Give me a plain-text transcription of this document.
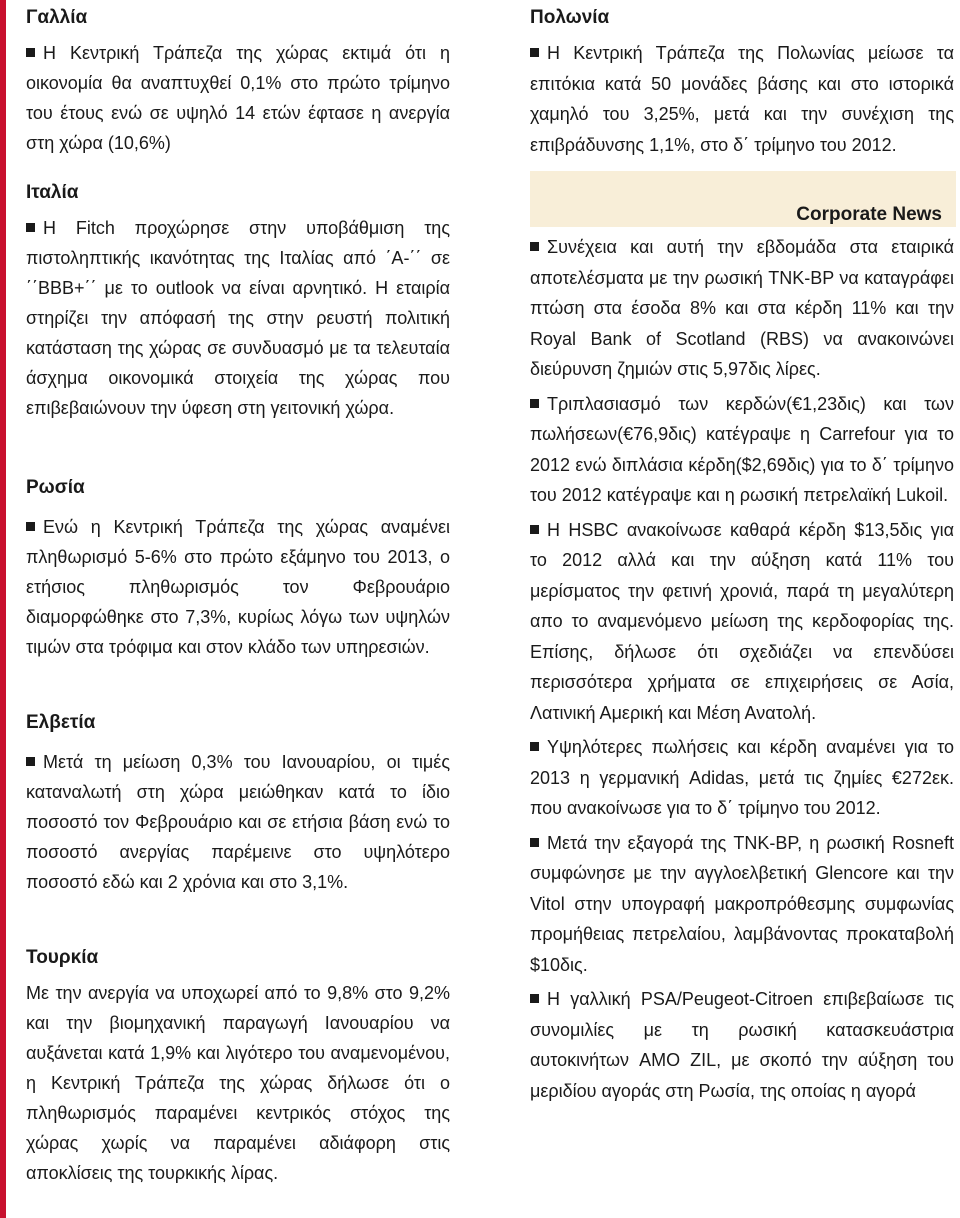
Γαλλία

Η Κεντρική Τράπεζα της χώρας εκτιμά ότι η οικονομία θα αναπτυχθεί 0,1% στο πρώτο τρίμηνο του έτους ενώ σε υψηλό 14 ετών έφτασε η ανεργία στη χώρα (10,6%)

Ιταλία

Η Fitch προχώρησε στην υποβάθμιση της πιστοληπτικής ικανότητας της Ιταλίας από ΄Α-΄΄ σε ΄΄ΒΒΒ+΄΄ με το outlook να είναι αρνητικό. Η εταιρία στηρίζει την απόφασή της στην ρευστή πολιτική κατάσταση της χώρας σε συνδυασμό με τα τελευταία άσχημα οικονομικά στοιχεία της χώρας που επιβεβαιώνουν την ύφεση στη γειτονική χώρα.

Ρωσία

Ενώ η Κεντρική Τράπεζα της χώρας αναμένει πληθωρισμό 5-6% στο πρώτο εξάμηνο του 2013, ο ετήσιος πληθωρισμός τον Φεβρουάριο διαμορφώθηκε στο 7,3%, κυρίως λόγω των υψηλών τιμών στα τρόφιμα και στον κλάδο των υπηρεσιών.

Ελβετία

Μετά τη μείωση 0,3% του Ιανουαρίου, οι τιμές καταναλωτή στη χώρα μειώθηκαν κατά το ίδιο ποσοστό τον Φεβρουάριο και σε ετήσια βάση ενώ το ποσοστό ανεργίας παρέμεινε στο υψηλότερο ποσοστό εδώ και 2 χρόνια και στο 3,1%.

Τουρκία

Με την ανεργία να υποχωρεί από το 9,8% στο 9,2% και την βιομηχανική παραγωγή Ιανουαρίου να αυξάνεται κατά 1,9% και λιγότερο του αναμενομένου, η Κεντρική Τράπεζα της χώρας δήλωσε ότι ο πληθωρισμός παραμένει κεντρικός στόχος της χώρας χωρίς να παραμένει αδιάφορη στις αποκλίσεις της τουρκικής λίρας.

Πολωνία

Η Κεντρική Τράπεζα της Πολωνίας μείωσε τα επιτόκια κατά 50 μονάδες βάσης και στο ιστορικά χαμηλό του 3,25%, μετά και την συνέχιση της επιβράδυνσης 1,1%, στο δ΄ τρίμηνο του 2012.

Corporate News

Συνέχεια και αυτή την εβδομάδα στα εταιρικά αποτελέσματα με την ρωσική TNK-BP να καταγράφει πτώση στα έσοδα 8% και στα κέρδη 11% και την Royal Bank of Scotland (RBS) να ανακοινώνει διεύρυνση ζημιών στις 5,97δις λίρες.

Τριπλασιασμό των κερδών(€1,23δις) και των πωλήσεων(€76,9δις) κατέγραψε η Carrefour για το 2012 ενώ διπλάσια κέρδη($2,69δις) για το δ΄ τρίμηνο του 2012 κατέγραψε και η ρωσική πετρελαϊκή Lukoil.

Η HSBC ανακοίνωσε καθαρά κέρδη $13,5δις για το 2012 αλλά και την αύξηση κατά 11% του μερίσματος την φετινή χρονιά, παρά τη μεγαλύτερη απο το αναμενόμενο μείωση της κερδοφορίας της. Επίσης, δήλωσε ότι σχεδιάζει να επενδύσει περισσότερα χρήματα σε επιχειρήσεις σε Ασία, Λατινική Αμερική και Μέση Ανατολή.

Υψηλότερες πωλήσεις και κέρδη αναμένει για το 2013 η γερμανική Adidas, μετά τις ζημίες €272εκ. που ανακοίνωσε για το δ΄ τρίμηνο του 2012.

Μετά την εξαγορά της TNK-BP, η ρωσική Rosneft συμφώνησε με την αγγλοελβετική Glencore και την Vitol στην υπογραφή μακροπρόθεσμης συμφωνίας προμήθειας πετρελαίου, λαμβάνοντας προκαταβολή $10δις.

Η γαλλική PSA/Peugeot-Citroen επιβεβαίωσε τις συνομιλίες με τη ρωσική κατασκευάστρια αυτοκινήτων AMO ZIL, με σκοπό την αύξηση του μεριδίου αγοράς στη Ρωσία, της οποίας η αγορά
